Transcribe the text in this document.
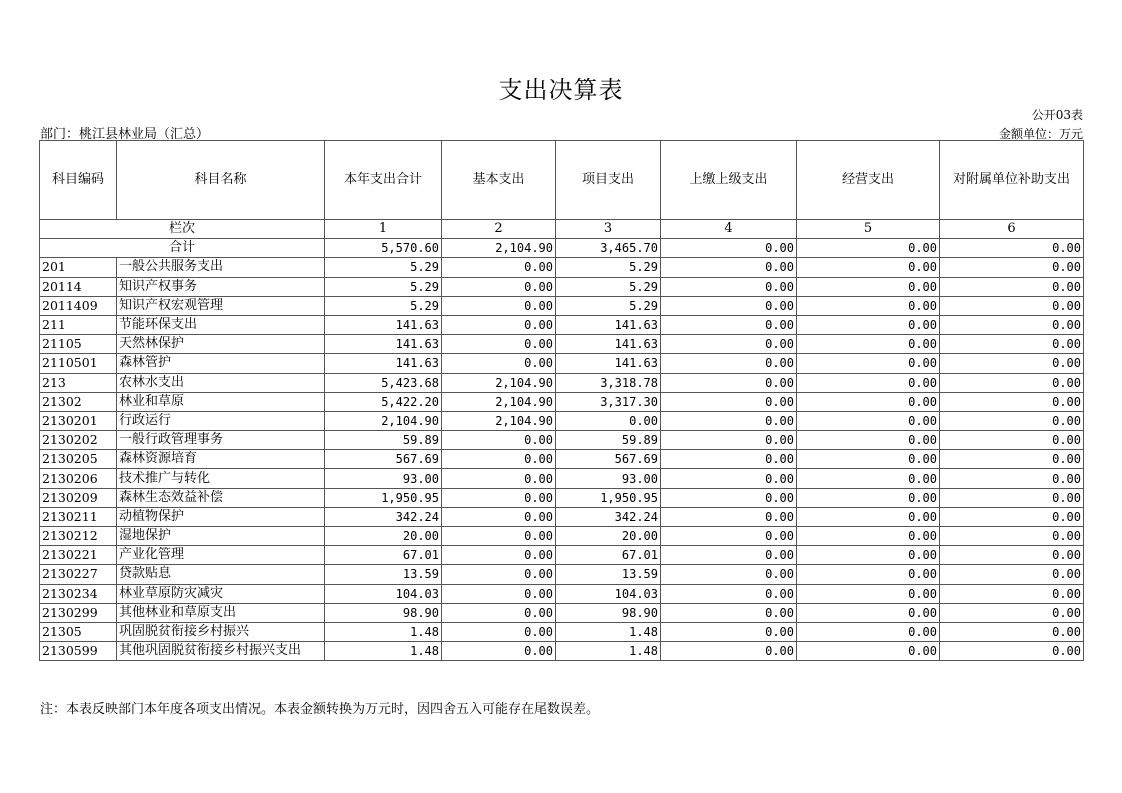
支出决算表
公开03表
部门：桃江县林业局（汇总）	金额单位：万元
科目编码	科目名称	本年支出合计	基本支出	项目支出	上缴上级支出	经营支出	对附属单位补助支出
栏次		1	2	3	4	5	6
合计		5,570.60	2,104.90	3,465.70	0.00	0.00	0.00
201	一般公共服务支出	5.29	0.00	5.29	0.00	0.00	0.00
20114	知识产权事务	5.29	0.00	5.29	0.00	0.00	0.00
2011409	知识产权宏观管理	5.29	0.00	5.29	0.00	0.00	0.00
211	节能环保支出	141.63	0.00	141.63	0.00	0.00	0.00
21105	天然林保护	141.63	0.00	141.63	0.00	0.00	0.00
2110501	森林管护	141.63	0.00	141.63	0.00	0.00	0.00
213	农林水支出	5,423.68	2,104.90	3,318.78	0.00	0.00	0.00
21302	林业和草原	5,422.20	2,104.90	3,317.30	0.00	0.00	0.00
2130201	行政运行	2,104.90	2,104.90	0.00	0.00	0.00	0.00
2130202	一般行政管理事务	59.89	0.00	59.89	0.00	0.00	0.00
2130205	森林资源培育	567.69	0.00	567.69	0.00	0.00	0.00
2130206	技术推广与转化	93.00	0.00	93.00	0.00	0.00	0.00
2130209	森林生态效益补偿	1,950.95	0.00	1,950.95	0.00	0.00	0.00
2130211	动植物保护	342.24	0.00	342.24	0.00	0.00	0.00
2130212	湿地保护	20.00	0.00	20.00	0.00	0.00	0.00
2130221	产业化管理	67.01	0.00	67.01	0.00	0.00	0.00
2130227	贷款贴息	13.59	0.00	13.59	0.00	0.00	0.00
2130234	林业草原防灾减灾	104.03	0.00	104.03	0.00	0.00	0.00
2130299	其他林业和草原支出	98.90	0.00	98.90	0.00	0.00	0.00
21305	巩固脱贫衔接乡村振兴	1.48	0.00	1.48	0.00	0.00	0.00
2130599	其他巩固脱贫衔接乡村振兴支出	1.48	0.00	1.48	0.00	0.00	0.00
注：本表反映部门本年度各项支出情况。本表金额转换为万元时，因四舍五入可能存在尾数误差。
